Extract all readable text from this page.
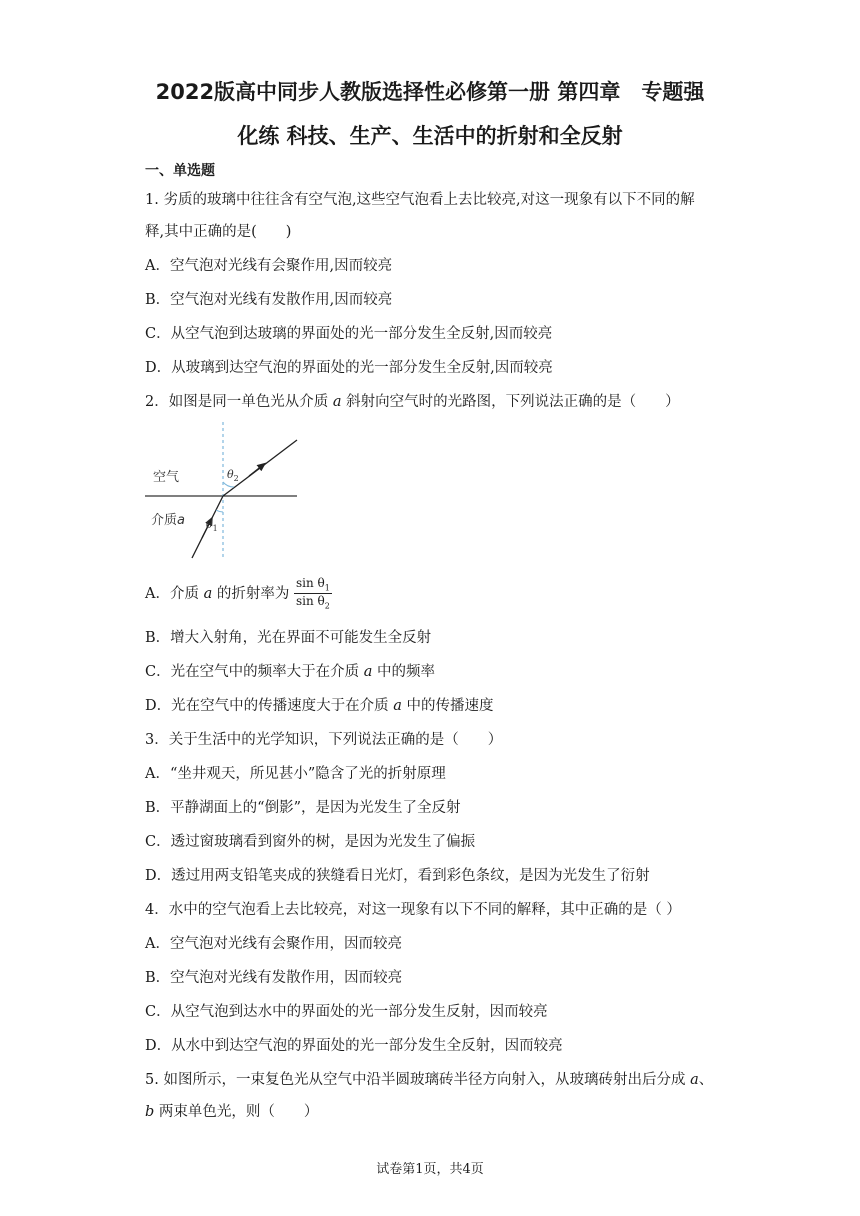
2022版高中同步人教版选择性必修第一册 第四章　专题强
化练 科技、生产、生活中的折射和全反射
一、单选题
1. 劣质的玻璃中往往含有空气泡,这些空气泡看上去比较亮,对这一现象有以下不同的解
释,其中正确的是(　　)
A．空气泡对光线有会聚作用,因而较亮
B．空气泡对光线有发散作用,因而较亮
C．从空气泡到达玻璃的界面处的光一部分发生全反射,因而较亮
D．从玻璃到达空气泡的界面处的光一部分发生全反射,因而较亮
2．如图是同一单色光从介质 a 斜射向空气时的光路图，下列说法正确的是（　　）
空气
介质a
$\theta_2$
$\theta_1$
A．介质 a 的折射率为 $\frac{\sin \theta_1}{\sin \theta_2}$
B．增大入射角，光在界面不可能发生全反射
C．光在空气中的频率大于在介质 a 中的频率
D．光在空气中的传播速度大于在介质 a 中的传播速度
3．关于生活中的光学知识，下列说法正确的是（　　）
A．“坐井观天，所见甚小”隐含了光的折射原理
B．平静湖面上的“倒影”，是因为光发生了全反射
C．透过窗玻璃看到窗外的树，是因为光发生了偏振
D．透过用两支铅笔夹成的狭缝看日光灯，看到彩色条纹，是因为光发生了衍射
4．水中的空气泡看上去比较亮，对这一现象有以下不同的解释，其中正确的是（ ）
A．空气泡对光线有会聚作用，因而较亮
B．空气泡对光线有发散作用，因而较亮
C．从空气泡到达水中的界面处的光一部分发生反射，因而较亮
D．从水中到达空气泡的界面处的光一部分发生全反射，因而较亮
5. 如图所示，一束复色光从空气中沿半圆玻璃砖半径方向射入，从玻璃砖射出后分成 a、
b 两束单色光，则（　　）
试卷第1页，共4页
